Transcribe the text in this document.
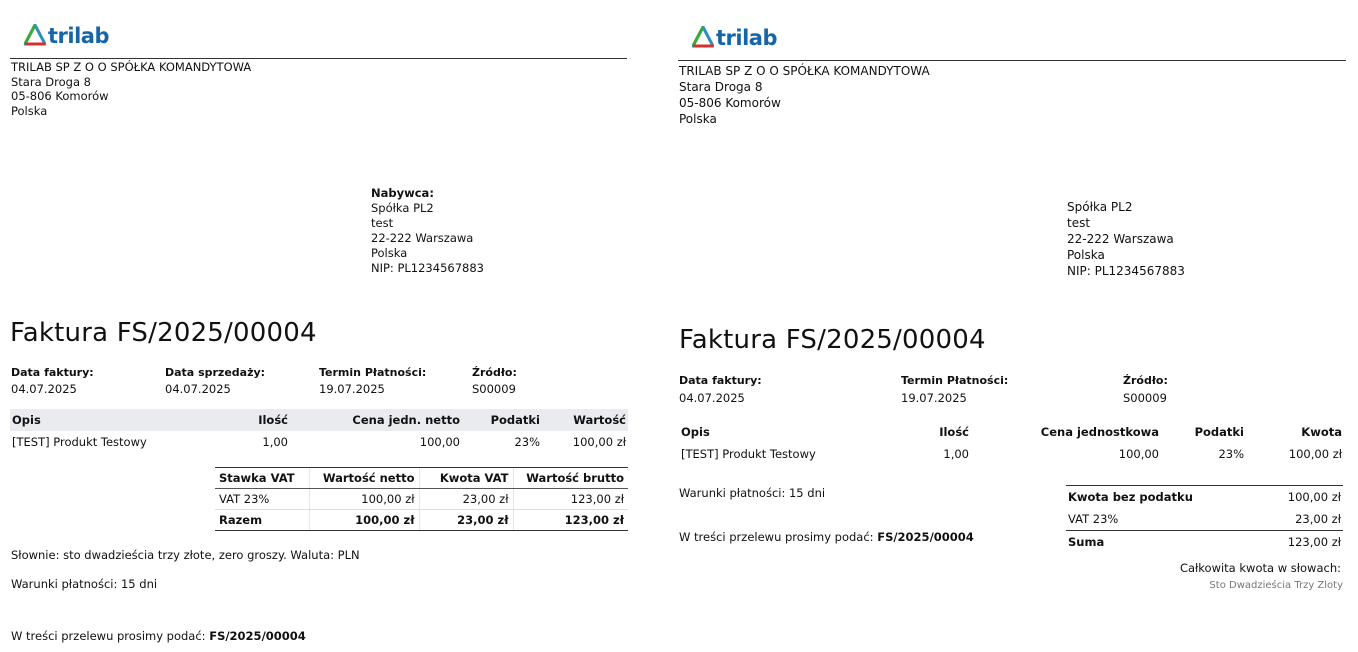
trilab
TRILAB SP Z O O SPÓŁKA KOMANDYTOWA
Stara Droga 8
05-806 Komorów
Polska
Nabywca:
Spółka PL2
test
22-222 Warszawa
Polska
NIP: PL1234567883
Faktura FS/2025/00004
Data faktury:
04.07.2025
Data sprzedaży:
04.07.2025
Termin Płatności:
19.07.2025
Źródło:
S00009
Opis	Ilość	Cena jedn. netto	Podatki	Wartość
[TEST] Produkt Testowy	1,00	100,00	23%	100,00 zł
Stawka VAT	Wartość netto	Kwota VAT	Wartość brutto
VAT 23%	100,00 zł	23,00 zł	123,00 zł
Razem	100,00 zł	23,00 zł	123,00 zł
Słownie: sto dwadzieścia trzy złote, zero groszy. Waluta: PLN
Warunki płatności: 15 dni
W treści przelewu prosimy podać: FS/2025/00004
trilab
TRILAB SP Z O O SPÓŁKA KOMANDYTOWA
Stara Droga 8
05-806 Komorów
Polska
Spółka PL2
test
22-222 Warszawa
Polska
NIP: PL1234567883
Faktura FS/2025/00004
Data faktury:
04.07.2025
Termin Płatności:
19.07.2025
Źródło:
S00009
Opis	Ilość	Cena jednostkowa	Podatki	Kwota
[TEST] Produkt Testowy	1,00	100,00	23%	100,00 zł
Warunki płatności: 15 dni
W treści przelewu prosimy podać: FS/2025/00004
Kwota bez podatku	100,00 zł
VAT 23%	23,00 zł
Suma	123,00 zł
Całkowita kwota w słowach:
Sto Dwadzieścia Trzy Zloty
